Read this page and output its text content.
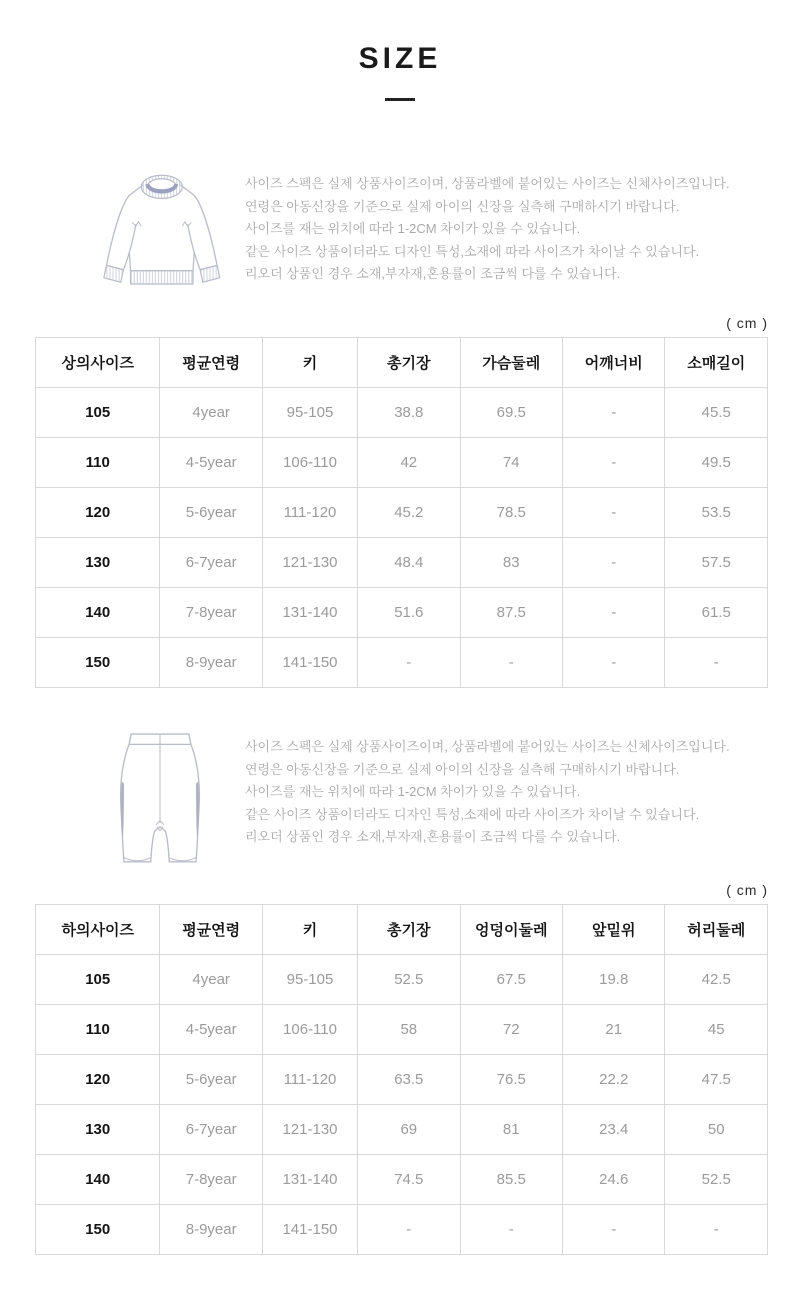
SIZE
사이즈 스펙은 실제 상품사이즈이며, 상품라벨에 붙어있는 사이즈는 신체사이즈입니다.
연령은 아동신장을 기준으로 실제 아이의 신장을 실측해 구매하시기 바랍니다.
사이즈를 재는 위치에 따라 1-2CM 차이가 있을 수 있습니다.
같은 사이즈 상품이더라도 디자인 특성,소재에 따라 사이즈가 차이날 수 있습니다.
리오더 상품인 경우 소재,부자재,혼용률이 조금씩 다를 수 있습니다.
( cm )
상의사이즈	평균연령	키	총기장	가슴둘레	어깨너비	소매길이
105	4year	95-105	38.8	69.5	-	45.5
110	4-5year	106-110	42	74	-	49.5
120	5-6year	111-120	45.2	78.5	-	53.5
130	6-7year	121-130	48.4	83	-	57.5
140	7-8year	131-140	51.6	87.5	-	61.5
150	8-9year	141-150	-	-	-	-
사이즈 스펙은 실제 상품사이즈이며, 상품라벨에 붙어있는 사이즈는 신체사이즈입니다.
연령은 아동신장을 기준으로 실제 아이의 신장을 실측해 구매하시기 바랍니다.
사이즈를 재는 위치에 따라 1-2CM 차이가 있을 수 있습니다.
같은 사이즈 상품이더라도 디자인 특성,소재에 따라 사이즈가 차이날 수 있습니다.
리오더 상품인 경우 소재,부자재,혼용률이 조금씩 다를 수 있습니다.
( cm )
하의사이즈	평균연령	키	총기장	엉덩이둘레	앞밑위	허리둘레
105	4year	95-105	52.5	67.5	19.8	42.5
110	4-5year	106-110	58	72	21	45
120	5-6year	111-120	63.5	76.5	22.2	47.5
130	6-7year	121-130	69	81	23.4	50
140	7-8year	131-140	74.5	85.5	24.6	52.5
150	8-9year	141-150	-	-	-	-
